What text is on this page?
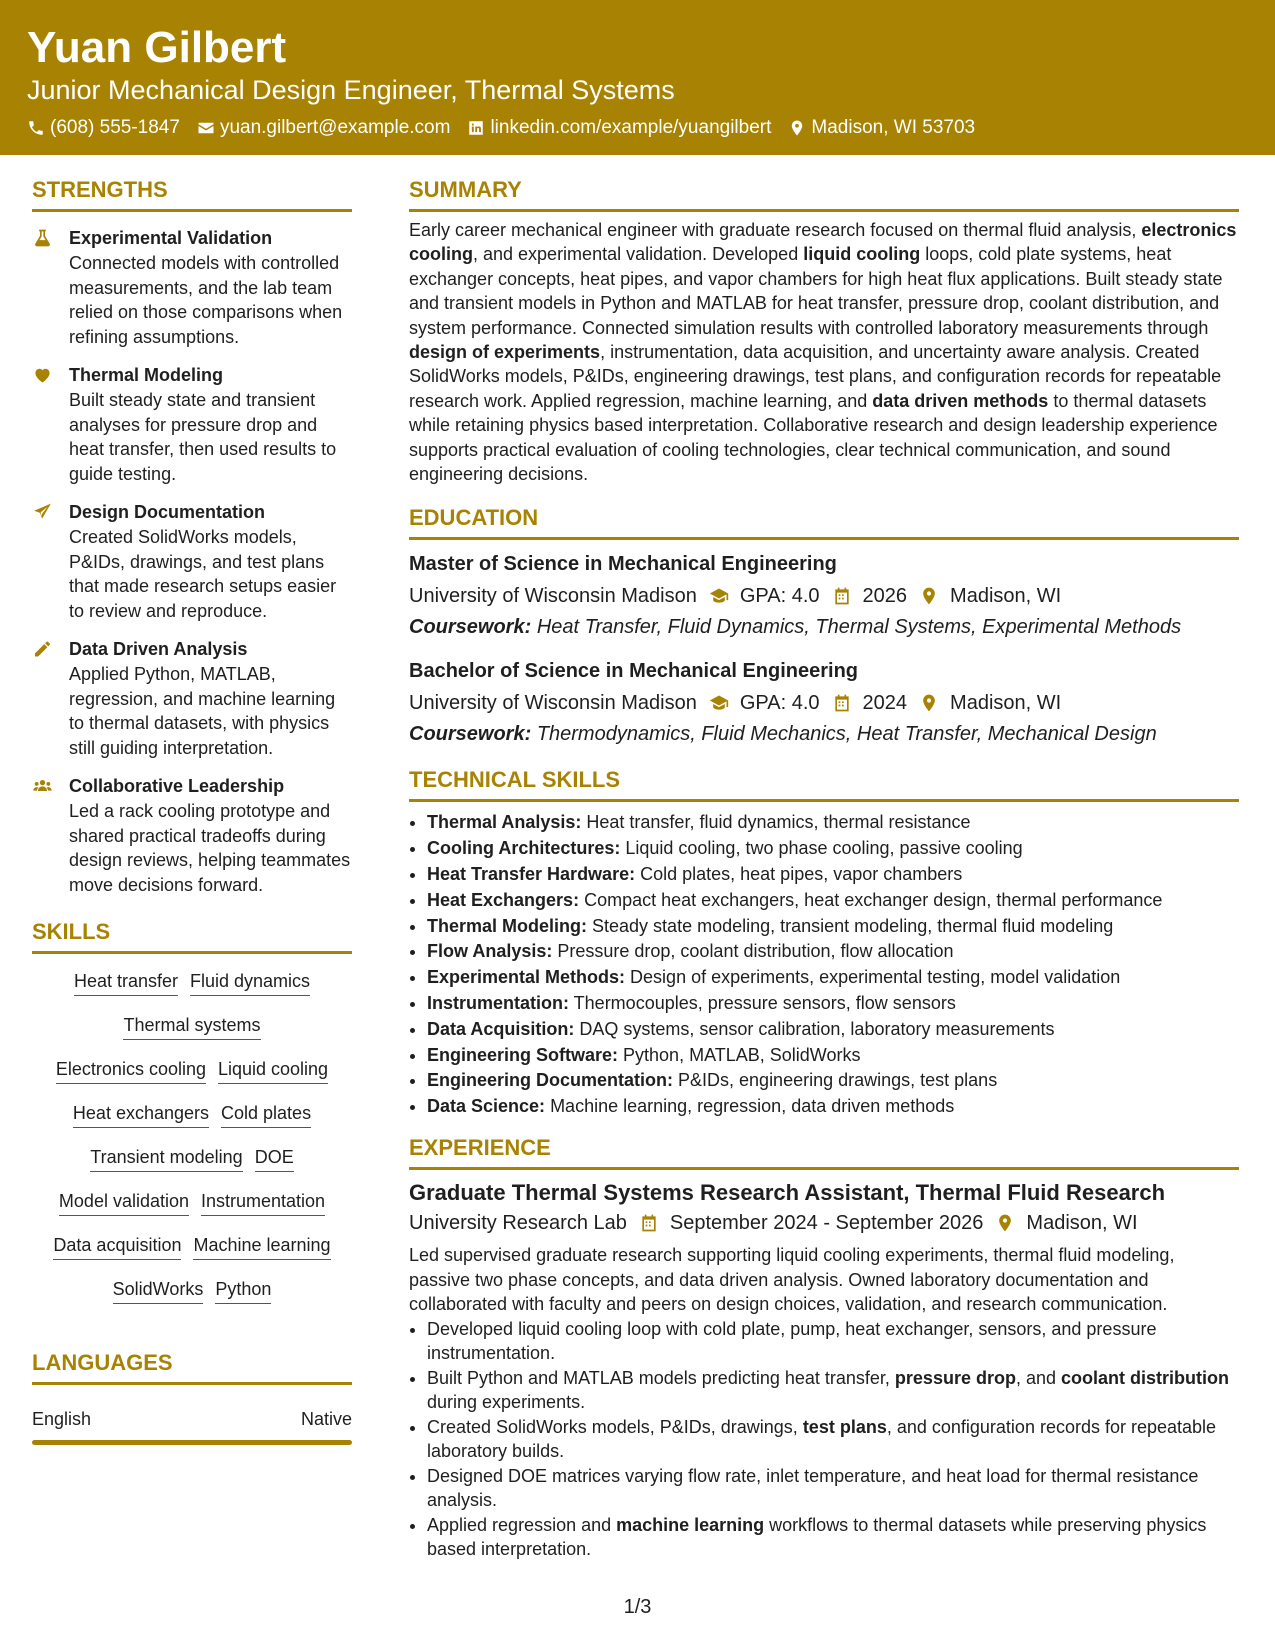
Yuan Gilbert
Junior Mechanical Design Engineer, Thermal Systems
(608) 555-1847 yuan.gilbert@example.com linkedin.com/example/yuangilbert Madison, WI 53703
STRENGTHS
Experimental Validation
Connected models with controlled measurements, and the lab team relied on those comparisons when refining assumptions.
Thermal Modeling
Built steady state and transient analyses for pressure drop and heat transfer, then used results to guide testing.
Design Documentation
Created SolidWorks models, P&IDs, drawings, and test plans that made research setups easier to review and reproduce.
Data Driven Analysis
Applied Python, MATLAB, regression, and machine learning to thermal datasets, with physics still guiding interpretation.
Collaborative Leadership
Led a rack cooling prototype and shared practical tradeoffs during design reviews, helping teammates move decisions forward.
SKILLS
Heat transfer Fluid dynamics
Thermal systems
Electronics cooling Liquid cooling
Heat exchangers Cold plates
Transient modeling DOE
Model validation Instrumentation
Data acquisition Machine learning
SolidWorks Python
LANGUAGES
English	Native
SUMMARY
Early career mechanical engineer with graduate research focused on thermal fluid analysis, electronics cooling, and experimental validation. Developed liquid cooling loops, cold plate systems, heat exchanger concepts, heat pipes, and vapor chambers for high heat flux applications. Built steady state and transient models in Python and MATLAB for heat transfer, pressure drop, coolant distribution, and system performance. Connected simulation results with controlled laboratory measurements through design of experiments, instrumentation, data acquisition, and uncertainty aware analysis. Created SolidWorks models, P&IDs, engineering drawings, test plans, and configuration records for repeatable research work. Applied regression, machine learning, and data driven methods to thermal datasets while retaining physics based interpretation. Collaborative research and design leadership experience supports practical evaluation of cooling technologies, clear technical communication, and sound engineering decisions.
EDUCATION
Master of Science in Mechanical Engineering
University of Wisconsin Madison GPA: 4.0 2026 Madison, WI
Coursework: Heat Transfer, Fluid Dynamics, Thermal Systems, Experimental Methods
Bachelor of Science in Mechanical Engineering
University of Wisconsin Madison GPA: 4.0 2024 Madison, WI
Coursework: Thermodynamics, Fluid Mechanics, Heat Transfer, Mechanical Design
TECHNICAL SKILLS
• Thermal Analysis: Heat transfer, fluid dynamics, thermal resistance
• Cooling Architectures: Liquid cooling, two phase cooling, passive cooling
• Heat Transfer Hardware: Cold plates, heat pipes, vapor chambers
• Heat Exchangers: Compact heat exchangers, heat exchanger design, thermal performance
• Thermal Modeling: Steady state modeling, transient modeling, thermal fluid modeling
• Flow Analysis: Pressure drop, coolant distribution, flow allocation
• Experimental Methods: Design of experiments, experimental testing, model validation
• Instrumentation: Thermocouples, pressure sensors, flow sensors
• Data Acquisition: DAQ systems, sensor calibration, laboratory measurements
• Engineering Software: Python, MATLAB, SolidWorks
• Engineering Documentation: P&IDs, engineering drawings, test plans
• Data Science: Machine learning, regression, data driven methods
EXPERIENCE
Graduate Thermal Systems Research Assistant, Thermal Fluid Research
University Research Lab September 2024 - September 2026 Madison, WI
Led supervised graduate research supporting liquid cooling experiments, thermal fluid modeling, passive two phase concepts, and data driven analysis. Owned laboratory documentation and collaborated with faculty and peers on design choices, validation, and research communication.
• Developed liquid cooling loop with cold plate, pump, heat exchanger, sensors, and pressure instrumentation.
• Built Python and MATLAB models predicting heat transfer, pressure drop, and coolant distribution during experiments.
• Created SolidWorks models, P&IDs, drawings, test plans, and configuration records for repeatable laboratory builds.
• Designed DOE matrices varying flow rate, inlet temperature, and heat load for thermal resistance analysis.
• Applied regression and machine learning workflows to thermal datasets while preserving physics based interpretation.
1/3
